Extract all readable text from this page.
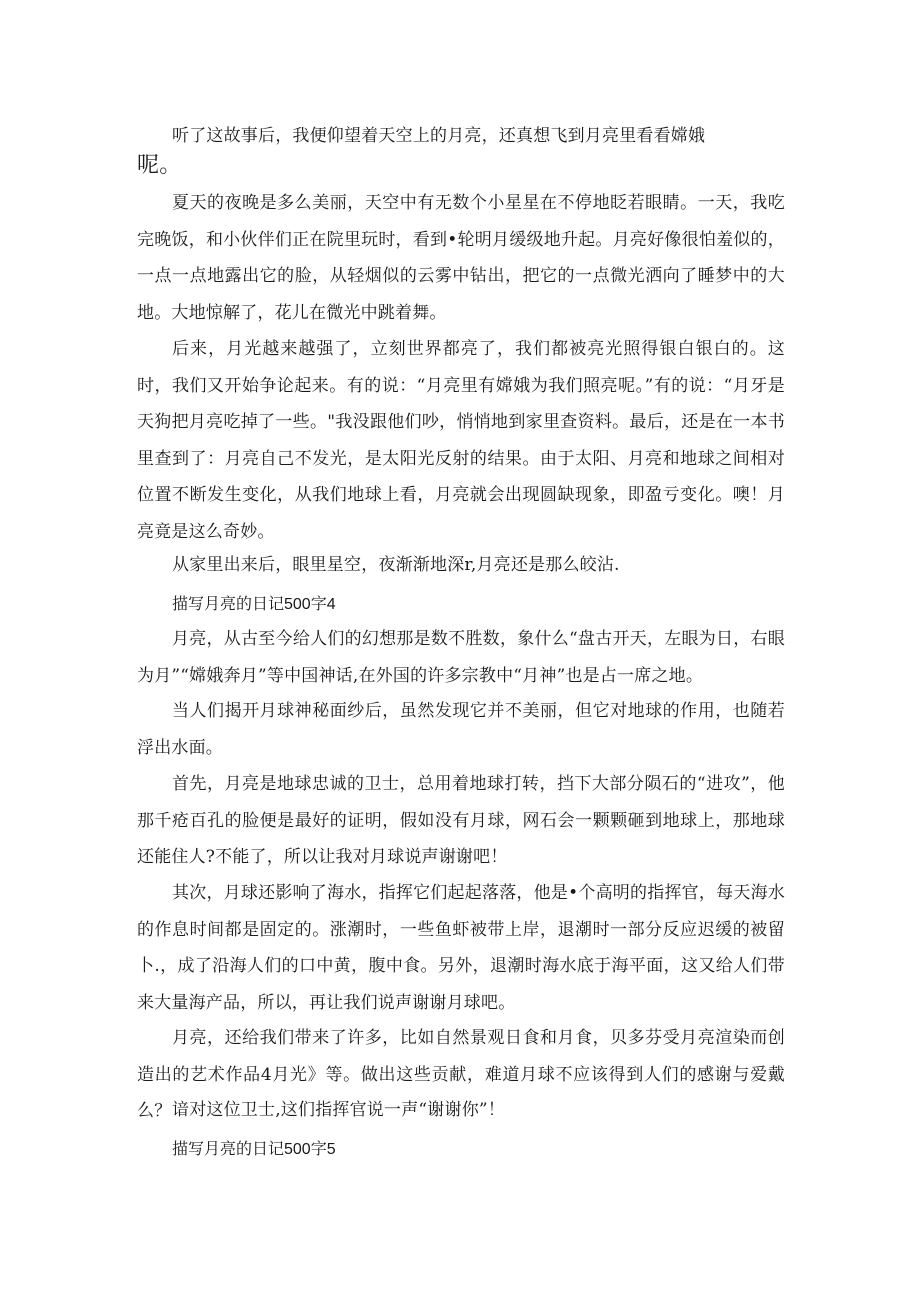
听了这故事后，我便仰望着天空上的月亮，还真想飞到月亮里看看嫦娥

呢。

夏天的夜晚是多么美丽，天空中有无数个小星星在不停地眨若眼睛。一天，我吃完晚饭，和小伙伴们正在院里玩时，看到•轮明月缓级地升起。月亮好像很怕羞似的，一点一点地露出它的脸，从轻烟似的云雾中钻出，把它的一点微光洒向了睡梦中的大地。大地惊解了，花儿在微光中跳着舞。

后来，月光越来越强了，立刻世界都亮了，我们都被亮光照得银白银白的。这时，我们又开始争论起来。有的说：“月亮里有嫦娥为我们照亮呢。”有的说：“月牙是天狗把月亮吃掉了一些。"我没跟他们吵，悄悄地到家里查资料。最后，还是在一本书里查到了：月亮自己不发光，是太阳光反射的结果。由于太阳、月亮和地球之间相对位置不断发生变化，从我们地球上看，月亮就会出现圆缺现象，即盈亏变化。噢！月亮竟是这么奇妙。

从家里出来后，眼里星空，夜渐渐地深r,月亮还是那么皎沾.

描写月亮的日记500字4

月亮，从古至今给人们的幻想那是数不胜数，象什么“盘古开天，左眼为日，右眼为月”“嫦娥奔月”等中国神话,在外国的许多宗教中“月神”也是占一席之地。

当人们揭开月球神秘面纱后，虽然发现它并不美丽，但它对地球的作用，也随若浮出水面。

首先，月亮是地球忠诚的卫士，总用着地球打转，挡下大部分陨石的“进攻”，他那千疮百孔的脸便是最好的证明，假如没有月球，网石会一颗颗砸到地球上，那地球还能住人?不能了，所以让我对月球说声谢谢吧！

其次，月球还影响了海水，指挥它们起起落落，他是•个高明的指挥官，每天海水的作息时间都是固定的。涨潮时，一些鱼虾被带上岸，退潮时一部分反应迟缓的被留卜.，成了沿海人们的口中黄，腹中食。另外，退潮时海水底于海平面，这又给人们带来大量海产品，所以，再让我们说声谢谢月球吧。

月亮，还给我们带来了许多，比如自然景观日食和月食，贝多芬受月亮渲染而创造出的艺术作品4月光》等。做出这些贡献，难道月球不应该得到人们的感谢与爱戴么？ 谙对这位卫士,这们指挥官说一声“谢谢你”！

描写月亮的日记500字5
